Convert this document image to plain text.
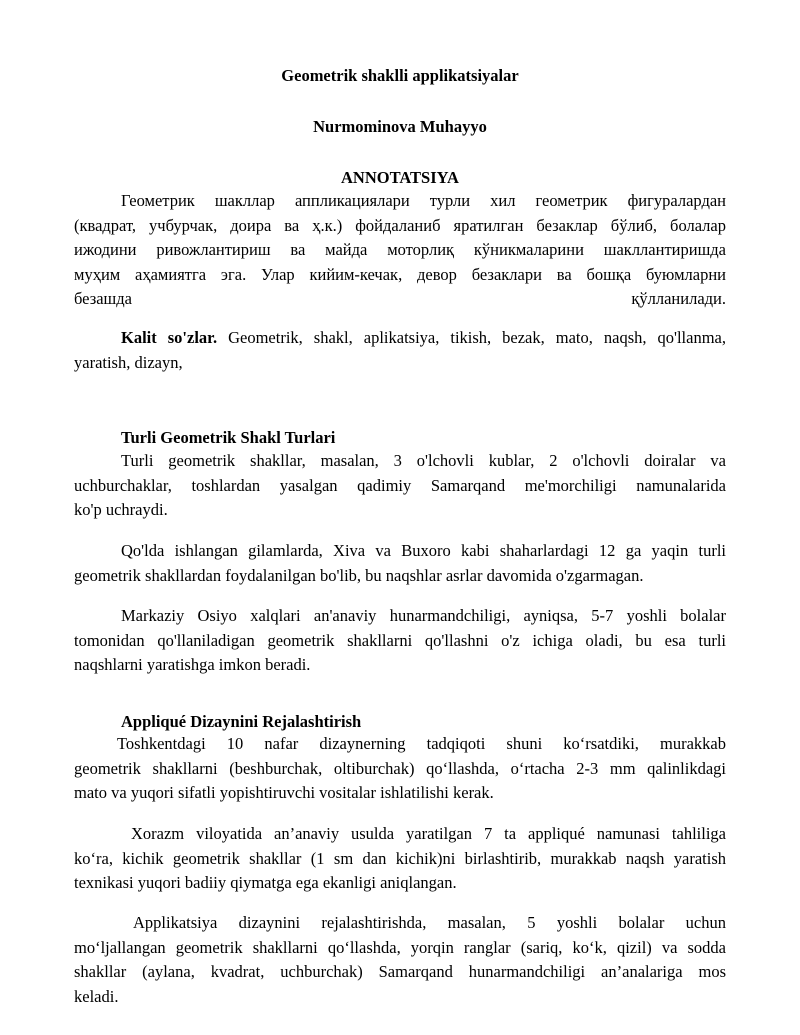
Geometrik shaklli applikatsiyalar
Nurmominova Muhayyo
ANNOTATSIYA
Геометрик шакллар аппликациялари турли хил геометрик фигуралардан
(квадрат, учбурчак, доира ва ҳ.к.) фойдаланиб яратилган безаклар бўлиб, болалар
ижодини ривожлантириш ва майда моторлиқ кўникмаларини шакллантиришда
муҳим аҳамиятга эга. Улар кийим-кечак, девор безаклари ва бошқа буюмларни
безашда                                                                                                    қўлланилади.
Kalit so'zlar. Geometrik, shakl, aplikatsiya, tikish, bezak, mato, naqsh, qo'llanma,
yaratish, dizayn,
Turli Geometrik Shakl Turlari
Turli geometrik shakllar, masalan, 3 o'lchovli kublar, 2 o'lchovli doiralar va
uchburchaklar, toshlardan yasalgan qadimiy Samarqand me'morchiligi namunalarida
ko'p uchraydi.
Qo'lda ishlangan gilamlarda, Xiva va Buxoro kabi shaharlardagi 12 ga yaqin turli
geometrik shakllardan foydalanilgan bo'lib, bu naqshlar asrlar davomida o'zgarmagan.
Markaziy Osiyo xalqlari an'anaviy hunarmandchiligi, ayniqsa, 5-7 yoshli bolalar
tomonidan qo'llaniladigan geometrik shakllarni qo'llashni o'z ichiga oladi, bu esa turli
naqshlarni yaratishga imkon beradi.
Appliqué Dizaynini Rejalashtirish
Toshkentdagi 10 nafar dizaynerning tadqiqoti shuni koʻrsatdiki, murakkab
geometrik shakllarni (beshburchak, oltiburchak) qoʻllashda, oʻrtacha 2-3 mm qalinlikdagi
mato va yuqori sifatli yopishtiruvchi vositalar ishlatilishi kerak.
Xorazm viloyatida an’anaviy usulda yaratilgan 7 ta appliqué namunasi tahliliga
koʻra, kichik geometrik shakllar (1 sm dan kichik)ni birlashtirib, murakkab naqsh yaratish
texnikasi yuqori badiiy qiymatga ega ekanligi aniqlangan.
Applikatsiya dizaynini rejalashtirishda, masalan, 5 yoshli bolalar uchun
moʻljallangan geometrik shakllarni qoʻllashda, yorqin ranglar (sariq, koʻk, qizil) va sodda
shakllar (aylana, kvadrat, uchburchak) Samarqand hunarmandchiligi an’analariga mos
keladi.
